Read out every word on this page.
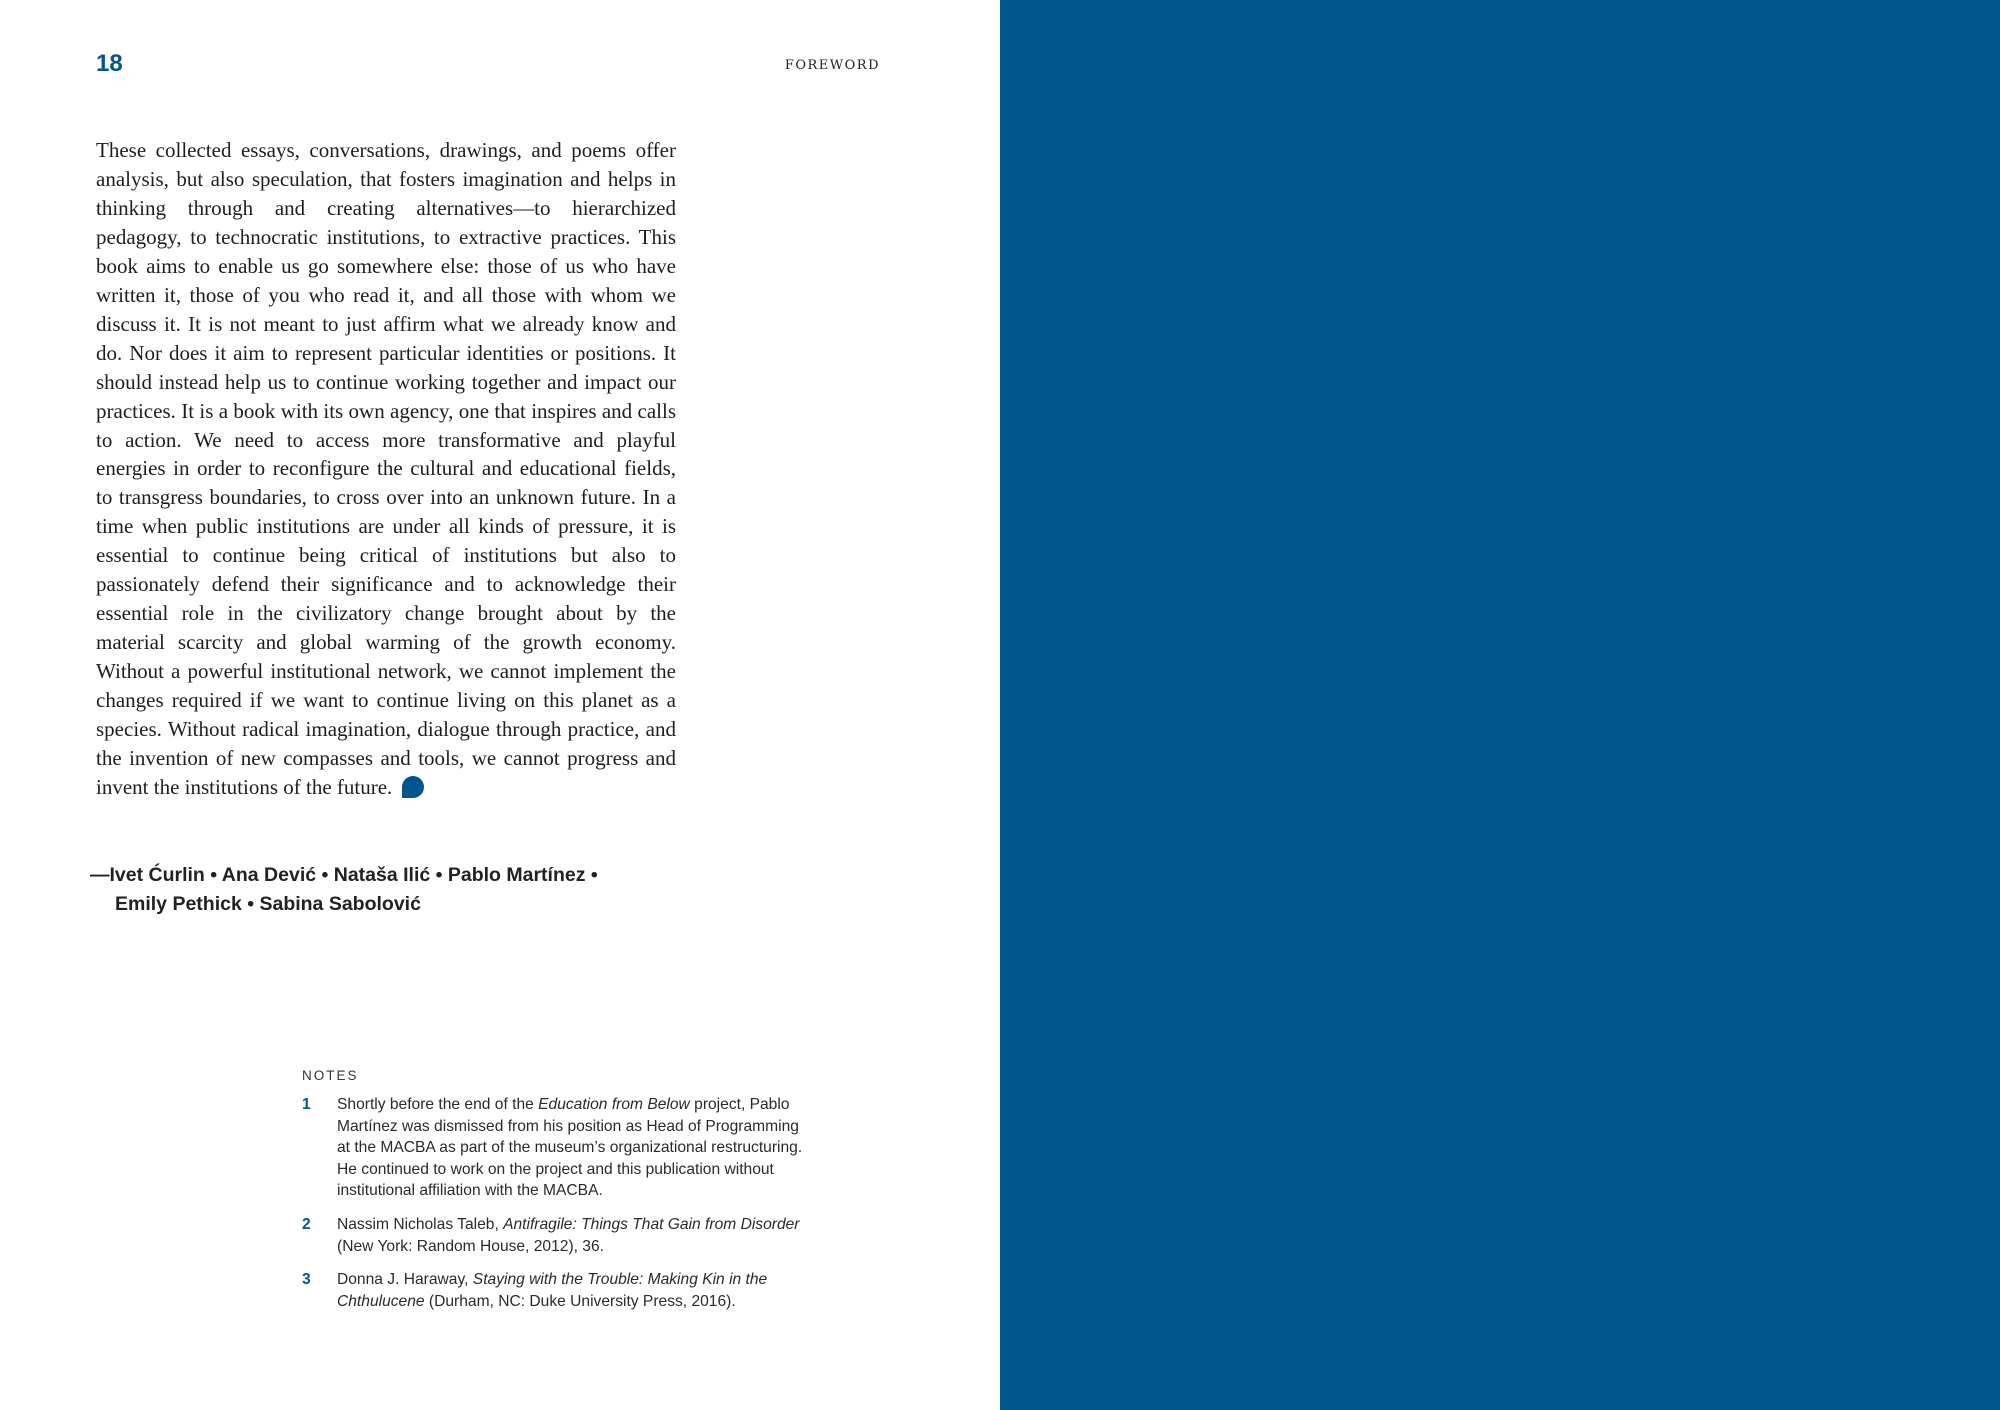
18	FOREWORD

These collected essays, conversations, drawings, and poems offer analysis, but also speculation, that fosters imagination and helps in thinking through and creating alternatives—to hierarchized pedagogy, to technocratic institutions, to extractive practices. This book aims to enable us go somewhere else: those of us who have written it, those of you who read it, and all those with whom we discuss it. It is not meant to just affirm what we already know and do. Nor does it aim to represent particular identities or positions. It should instead help us to continue working together and impact our practices. It is a book with its own agency, one that inspires and calls to action. We need to access more transformative and playful energies in order to reconfigure the cultural and educational fields, to transgress boundaries, to cross over into an unknown future. In a time when public institutions are under all kinds of pressure, it is essential to continue being critical of institutions but also to passionately defend their significance and to acknowledge their essential role in the civilizatory change brought about by the material scarcity and global warming of the growth economy. Without a powerful institutional network, we cannot implement the changes required if we want to continue living on this planet as a species. Without radical imagination, dialogue through practice, and the invention of new compasses and tools, we cannot progress and invent the institutions of the future.

—Ivet Ćurlin • Ana Dević • Nataša Ilić • Pablo Martínez •
Emily Pethick • Sabina Sabolović
NOTES
1 Shortly before the end of the Education from Below project, Pablo
Martínez was dismissed from his position as Head of Programming
at the MACBA as part of the museum’s organizational restructuring.
He continued to work on the project and this publication without
institutional affiliation with the MACBA.
2 Nassim Nicholas Taleb, Antifragile: Things That Gain from Disorder
(New York: Random House, 2012), 36.
3 Donna J. Haraway, Staying with the Trouble: Making Kin in the
Chthulucene (Durham, NC: Duke University Press, 2016).
